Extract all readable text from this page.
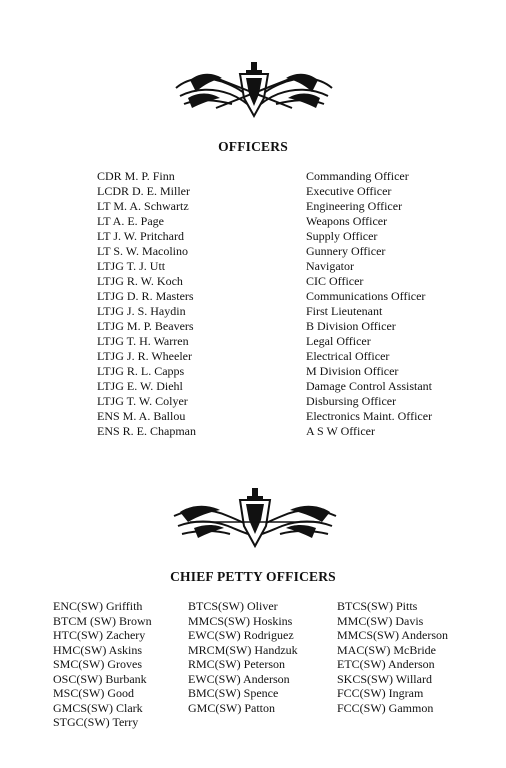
OFFICERS
CDR M. P. Finn
LCDR D. E. Miller
LT M. A. Schwartz
LT A. E. Page
LT J. W. Pritchard
LT S. W. Macolino
LTJG T. J. Utt
LTJG R. W. Koch
LTJG D. R. Masters
LTJG J. S. Haydin
LTJG M. P. Beavers
LTJG T. H. Warren
LTJG J. R. Wheeler
LTJG R. L. Capps
LTJG E. W. Diehl
LTJG T. W. Colyer
ENS M. A. Ballou
ENS R. E. Chapman
Commanding Officer
Executive Officer
Engineering Officer
Weapons Officer
Supply Officer
Gunnery Officer
Navigator
CIC Officer
Communications Officer
First Lieutenant
B Division Officer
Legal Officer
Electrical Officer
M Division Officer
Damage Control Assistant
Disbursing Officer
Electronics Maint. Officer
A S W Officer
CHIEF PETTY OFFICERS
ENC(SW) Griffith
BTCM (SW) Brown
HTC(SW) Zachery
HMC(SW) Askins
SMC(SW) Groves
OSC(SW) Burbank
MSC(SW) Good
GMCS(SW) Clark
STGC(SW) Terry
BTCS(SW) Oliver
MMCS(SW) Hoskins
EWC(SW) Rodriguez
MRCM(SW) Handzuk
RMC(SW) Peterson
EWC(SW) Anderson
BMC(SW) Spence
GMC(SW) Patton
BTCS(SW) Pitts
MMC(SW) Davis
MMCS(SW) Anderson
MAC(SW) McBride
ETC(SW) Anderson
SKCS(SW) Willard
FCC(SW) Ingram
FCC(SW) Gammon
